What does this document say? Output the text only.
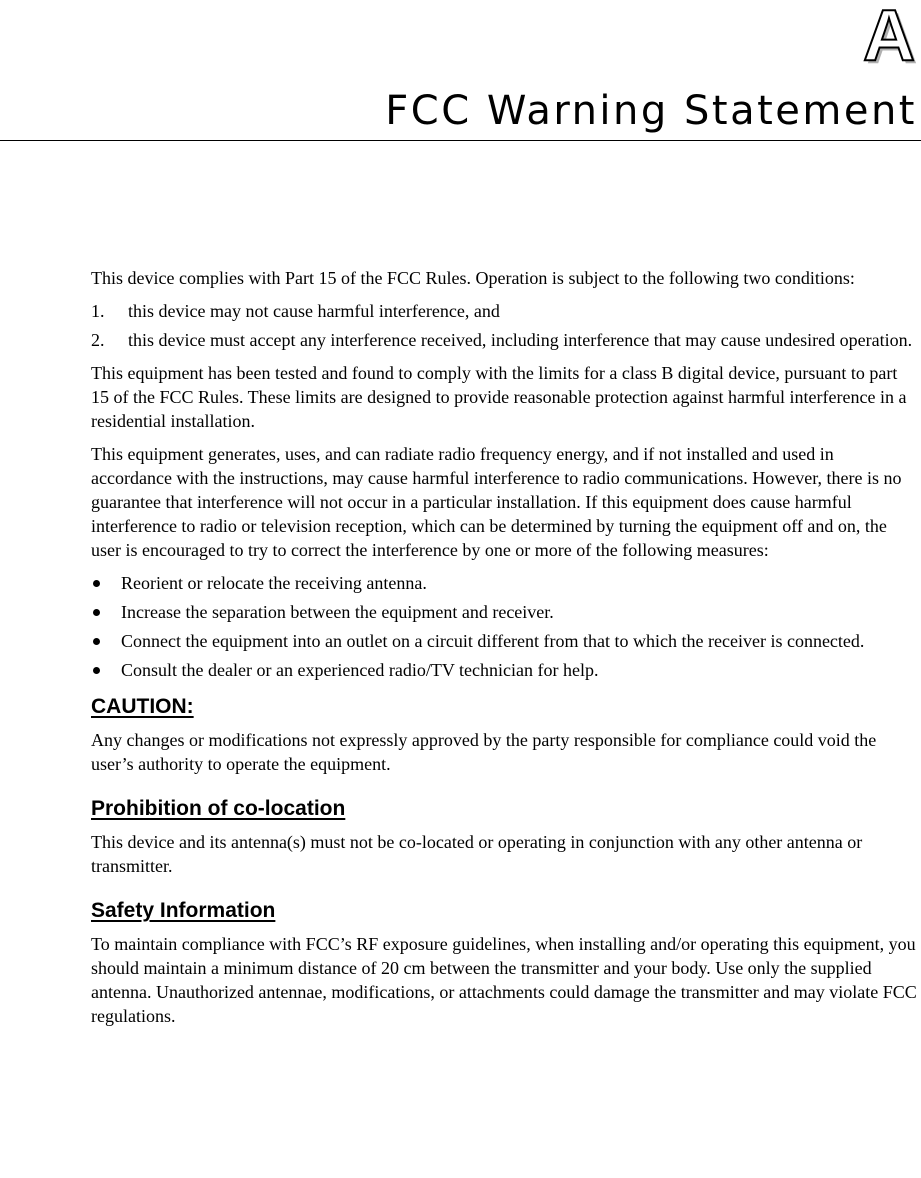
A
FCC Warning Statement

This device complies with Part 15 of the FCC Rules. Operation is subject to the following two conditions:

1. this device may not cause harmful interference, and
2. this device must accept any interference received, including interference that may cause undesired operation.

This equipment has been tested and found to comply with the limits for a class B digital device, pursuant to part 15 of the FCC Rules. These limits are designed to provide reasonable protection against harmful interference in a residential installation.

This equipment generates, uses, and can radiate radio frequency energy, and if not installed and used in accordance with the instructions, may cause harmful interference to radio communications. However, there is no guarantee that interference will not occur in a particular installation. If this equipment does cause harmful interference to radio or television reception, which can be determined by turning the equipment off and on, the user is encouraged to try to correct the interference by one or more of the following measures:

Reorient or relocate the receiving antenna.
Increase the separation between the equipment and receiver.
Connect the equipment into an outlet on a circuit different from that to which the receiver is connected.
Consult the dealer or an experienced radio/TV technician for help.
CAUTION:

Any changes or modifications not expressly approved by the party responsible for compliance could void the user’s authority to operate the equipment.

Prohibition of co-location

This device and its antenna(s) must not be co-located or operating in conjunction with any other antenna or transmitter.

Safety Information

To maintain compliance with FCC’s RF exposure guidelines, when installing and/or operating this equipment, you should maintain a minimum distance of 20 cm between the transmitter and your body. Use only the supplied antenna. Unauthorized antennae, modifications, or attachments could damage the transmitter and may violate FCC regulations.
